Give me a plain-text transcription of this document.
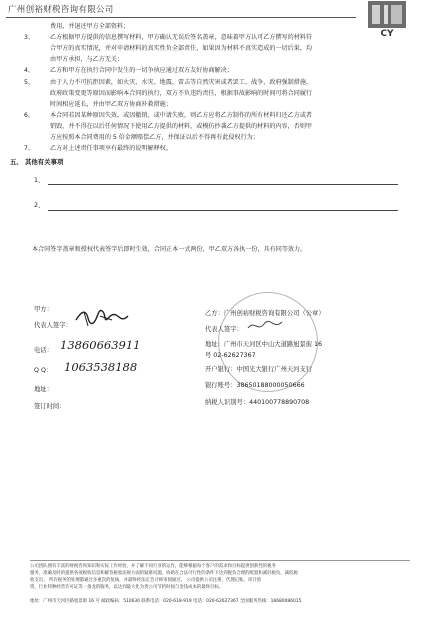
广州创裕财税咨询有限公司
CY
费用，并退还甲方全部资料；
3、	乙方根据甲方提供的信息撰写材料，甲方确认无误后签名盖章，意味着甲方认可乙方撰写的材料符
合甲方的真实情况，并对申请材料的真实性负全部责任，如果因为材料不真实造成的一切后果，均
由甲方承担，与乙方无关；
4、	乙方和甲方在执行合同中发生的一切争执应通过双方友好协商解决；
5、	由于人力不可抗拒因素，如火灾、水灾、地震、雷击等自然灾害或者罢工、战争、政府强制措施、
政府政策变更等原因而影响本合同的执行，双方不负违约责任，根据事故影响的时间可将合同履行
时间相应延长，并由甲乙双方协商补救措施；
6、	本合同若因某种原因失效，或因撤销、或中请失败，则乙方应将乙方制作的所有材料归还乙方或者
销毁，并不得在以后任何情况下使用乙方提供的材料，或模仿抄袭乙方提供的材料的内容，否则甲
方应按照本合同费用的 5 倍金额赔偿乙方，并保证以后不得再有此侵权行为；
7、	乙方对上述责任事项享有最终的说明解释权。
五、 其他有关事项
1、
2、
本合同签字盖章和授权代表签字后即时生效，合同正本一式两份，甲乙双方各执一份，具有同等效力。
甲方：
代表人签字：
电话： 13860663911
Q Q： 1063538188
地址：
签订时间：
乙方：广州创裕财税咨询有限公司（公章）
代表人签字：
地址：广州市天河区中山大道路旭景街 16
号 02-62627367
开户银行：中国光大银行广州天河支行
银行账号：38650188000050666
纳税人识别号：440100778890708
公司团队拥有丰富的财税咨询知识和实际工作经验，并了解不同行业的运作，能够根据每个客户的需求和目标提供创新性的税务
服务，准确及时的提供各项税收信息和解答税收法规方面的疑难问题，协助在合法可行性的条件下达到税负合理的配置和减轻税负，减低税
收支出。 所有税务的处理都通过多重次的复核，并最终经法定会计师审阅通过。 公司提供公司注册、代理记账、审计验
资，行业特种经营许可证等一条龙的服务，以达到最大化为贵公司节约时间与金钱成本的最终目标。
地址：广州市天河区路旭景街 16 号 邮政编码：510630 联系电话：020-618-919 电话：020-62627367 全国服务热线：18680086015
